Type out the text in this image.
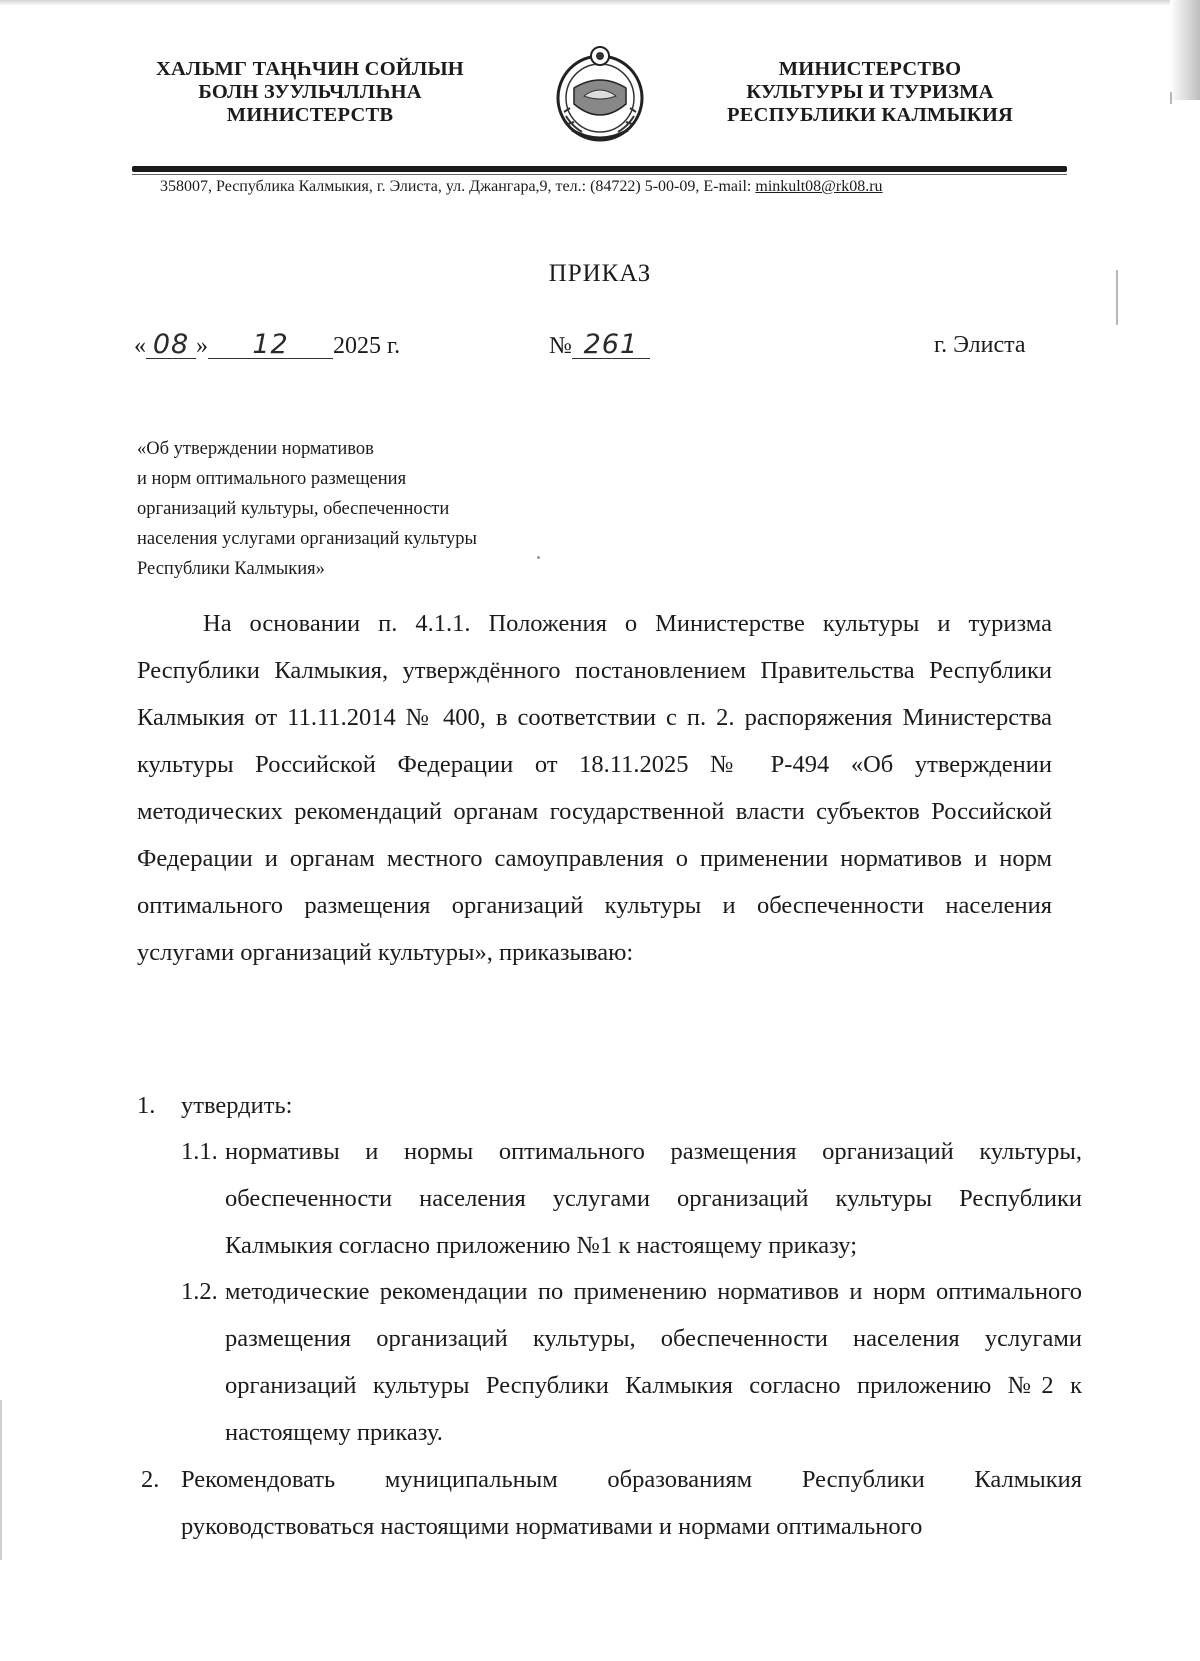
ХАЛЬМГ ТАҢҺЧИН СОЙЛЫН
БОЛН ЗУУЛЬЧЛЛҺНА
МИНИСТЕРСТВ
МИНИСТЕРСТВО
КУЛЬТУРЫ И ТУРИЗМА
РЕСПУБЛИКИ КАЛМЫКИЯ
358007, Республика Калмыкия, г. Элиста, ул. Джангара,9, тел.: (84722) 5-00-09, E-mail: minkult08@rk08.ru
ПРИКАЗ
« 08 » 12 2025 г.	№ 261	г. Элиста
«Об утверждении нормативов
и норм оптимального размещения
организаций культуры, обеспеченности
населения услугами организаций культуры
Республики Калмыкия»

На основании п. 4.1.1. Положения о Министерстве культуры и туризма Республики Калмыкия, утверждённого постановлением Правительства Республики Калмыкия от 11.11.2014 № 400, в соответствии с п. 2. распоряжения Министерства культуры Российской Федерации от 18.11.2025 № Р-494 «Об утверждении методических рекомендаций органам государственной власти субъектов Российской Федерации и органам местного самоуправления о применении нормативов и норм оптимального размещения организаций культуры и обеспеченности населения услугами организаций культуры», приказываю:

1.	утвердить:
1.1. нормативы и нормы оптимального размещения организаций культуры, обеспеченности населения услугами организаций культуры Республики Калмыкия согласно приложению №1 к настоящему приказу;
1.2. методические рекомендации по применению нормативов и норм оптимального размещения организаций культуры, обеспеченности населения услугами организаций культуры Республики Калмыкия согласно приложению №2 к настоящему приказу.
2. Рекомендовать муниципальным образованиям Республики Калмыкия руководствоваться настоящими нормативами и нормами оптимального
